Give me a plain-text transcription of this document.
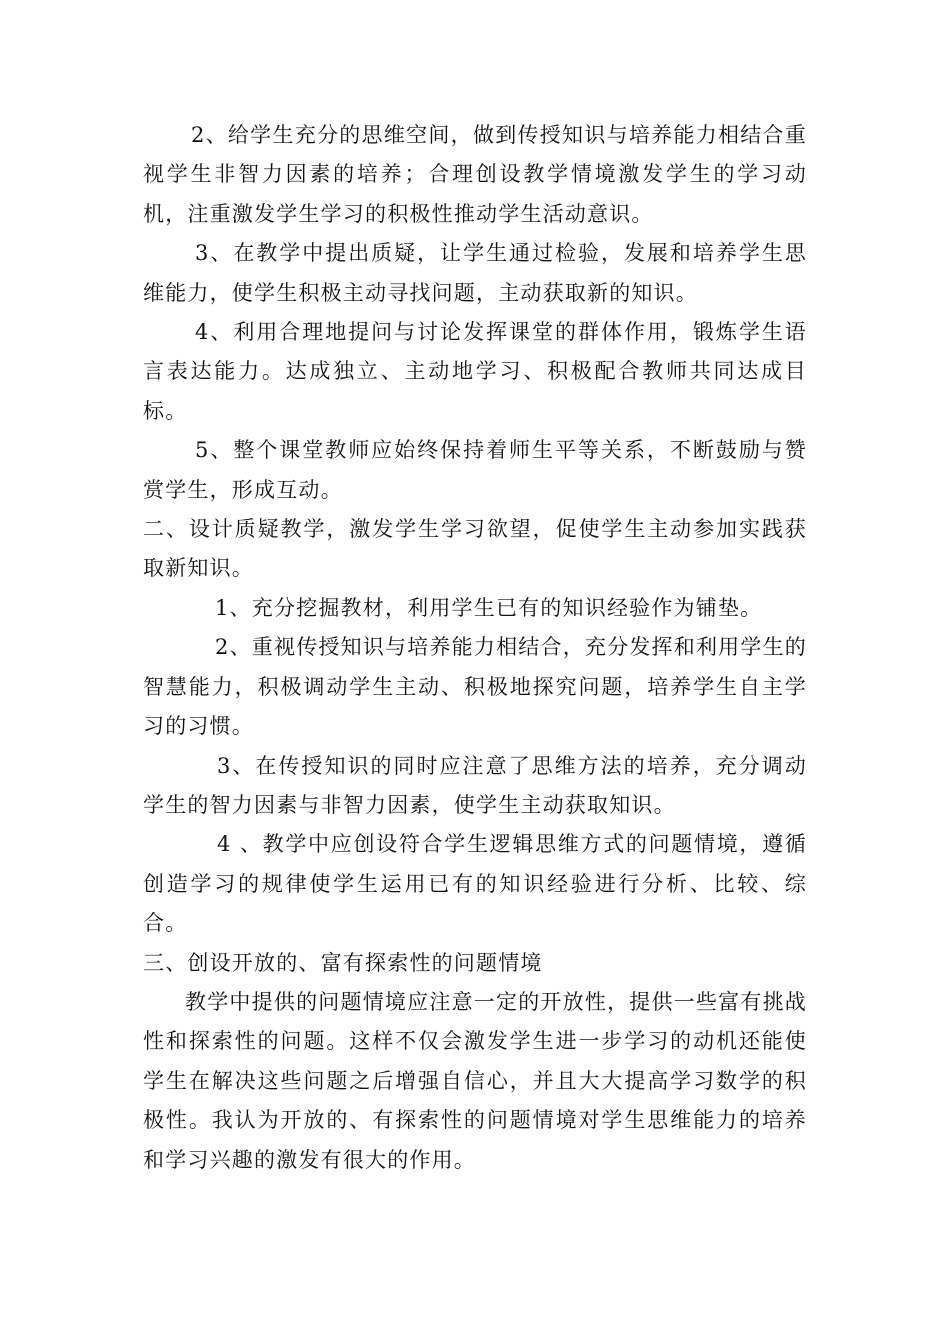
2、给学生充分的思维空间，做到传授知识与培养能力相结合重视学生非智力因素的培养；合理创设教学情境激发学生的学习动机，注重激发学生学习的积极性推动学生活动意识。

3、在教学中提出质疑，让学生通过检验，发展和培养学生思维能力，使学生积极主动寻找问题，主动获取新的知识。

4、利用合理地提问与讨论发挥课堂的群体作用，锻炼学生语言表达能力。达成独立、主动地学习、积极配合教师共同达成目标。

5、整个课堂教师应始终保持着师生平等关系，不断鼓励与赞赏学生，形成互动。

二、设计质疑教学，激发学生学习欲望，促使学生主动参加实践获取新知识。

1、充分挖掘教材，利用学生已有的知识经验作为铺垫。

2、重视传授知识与培养能力相结合，充分发挥和利用学生的智慧能力，积极调动学生主动、积极地探究问题，培养学生自主学习的习惯。

3、在传授知识的同时应注意了思维方法的培养，充分调动学生的智力因素与非智力因素，使学生主动获取知识。

4 、教学中应创设符合学生逻辑思维方式的问题情境，遵循创造学习的规律使学生运用已有的知识经验进行分析、比较、综合。

三、创设开放的、富有探索性的问题情境

教学中提供的问题情境应注意一定的开放性，提供一些富有挑战性和探索性的问题。这样不仅会激发学生进一步学习的动机还能使学生在解决这些问题之后增强自信心，并且大大提高学习数学的积极性。我认为开放的、有探索性的问题情境对学生思维能力的培养和学习兴趣的激发有很大的作用。
